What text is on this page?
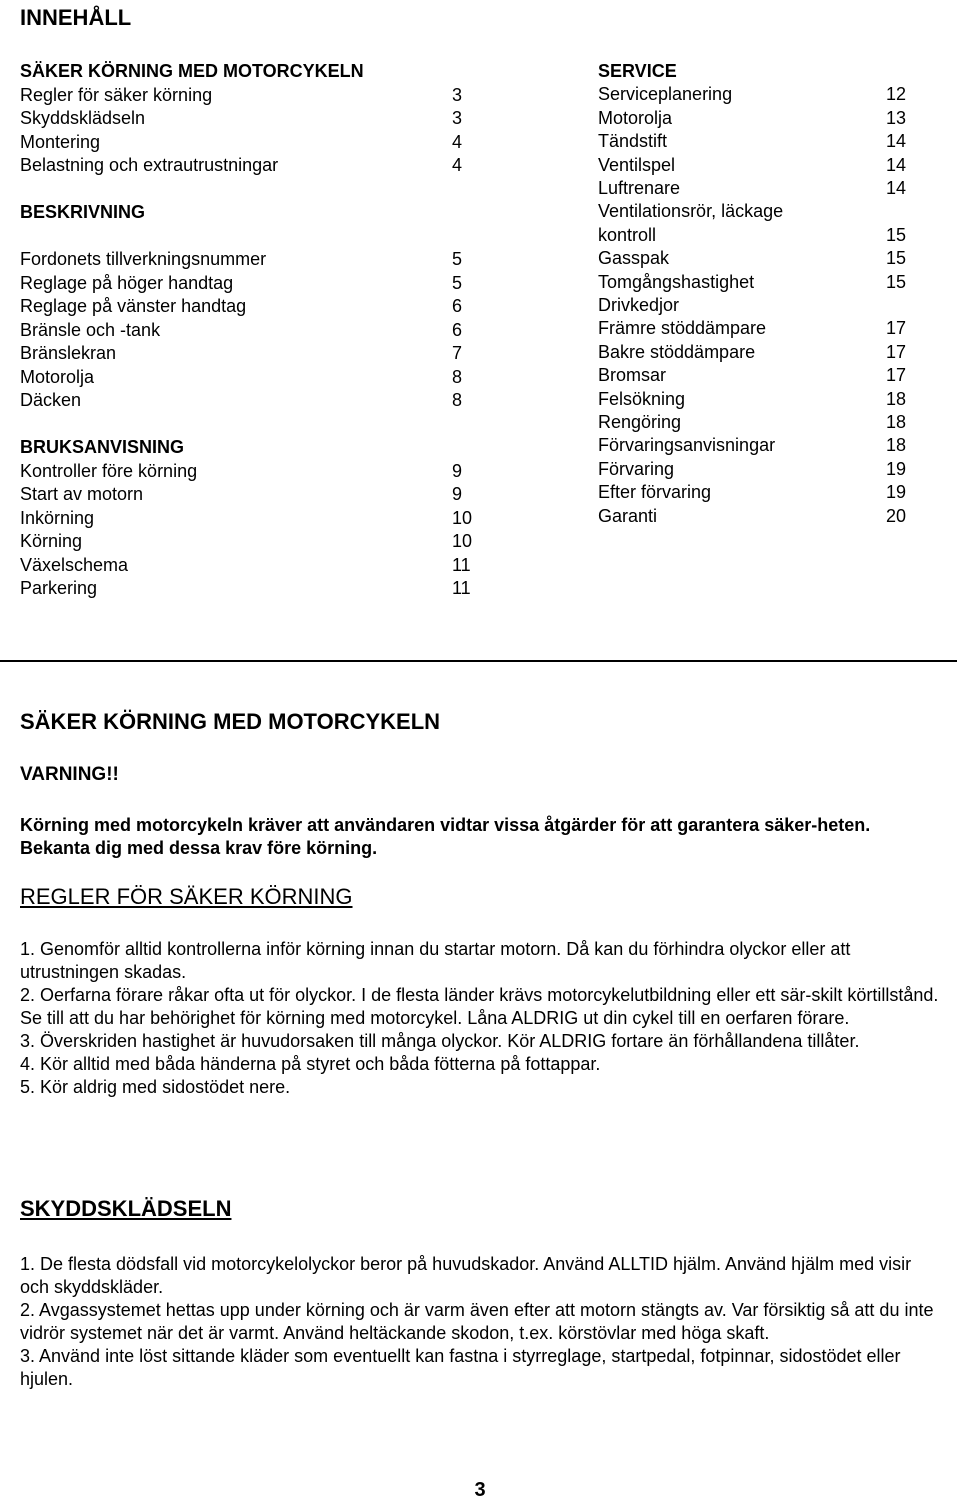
INNEHÅLL
SÄKER KÖRNING MED MOTORCYKELN
Regler för säker körning	3
Skyddsklädseln	3
Montering	4
Belastning och extrautrustningar	4
BESKRIVNING
Fordonets tillverkningsnummer	5
Reglage på höger handtag	5
Reglage på vänster handtag	6
Bränsle och -tank	6
Bränslekran	7
Motorolja	8
Däcken	8
BRUKSANVISNING
Kontroller före körning	9
Start av motorn	9
Inkörning	10
Körning	10
Växelschema	11
Parkering	11
SERVICE
Serviceplanering	12
Motorolja	13
Tändstift	14
Ventilspel	14
Luftrenare	14
Ventilationsrör, läckage
kontroll	15
Gasspak	15
Tomgångshastighet	15
Drivkedjor
Främre stöddämpare	17
Bakre stöddämpare	17
Bromsar	17
Felsökning	18
Rengöring	18
Förvaringsanvisningar	18
Förvaring	19
Efter förvaring	19
Garanti	20
SÄKER KÖRNING MED MOTORCYKELN
VARNING!!
Körning med motorcykeln kräver att användaren vidtar vissa åtgärder för att garantera säker-heten. Bekanta dig med dessa krav före körning.
REGLER FÖR SÄKER KÖRNING

1. Genomför alltid kontrollerna inför körning innan du startar motorn. Då kan du förhindra olyckor eller att utrustningen skadas.

2. Oerfarna förare råkar ofta ut för olyckor. I de flesta länder krävs motorcykelutbildning eller ett sär-skilt körtillstånd. Se till att du har behörighet för körning med motorcykel. Låna ALDRIG ut din cykel till en oerfaren förare.

3. Överskriden hastighet är huvudorsaken till många olyckor. Kör ALDRIG fortare än förhållandena tillåter.

4. Kör alltid med båda händerna på styret och båda fötterna på fottappar.

5. Kör aldrig med sidostödet nere.

SKYDDSKLÄDSELN

1. De flesta dödsfall vid motorcykelolyckor beror på huvudskador. Använd ALLTID hjälm. Använd hjälm med visir och skyddskläder.

2. Avgassystemet hettas upp under körning och är varm även efter att motorn stängts av. Var försiktig så att du inte vidrör systemet när det är varmt. Använd heltäckande skodon, t.ex. körstövlar med höga skaft.

3. Använd inte löst sittande kläder som eventuellt kan fastna i styrreglage, startpedal, fotpinnar, sidostödet eller hjulen.

3
